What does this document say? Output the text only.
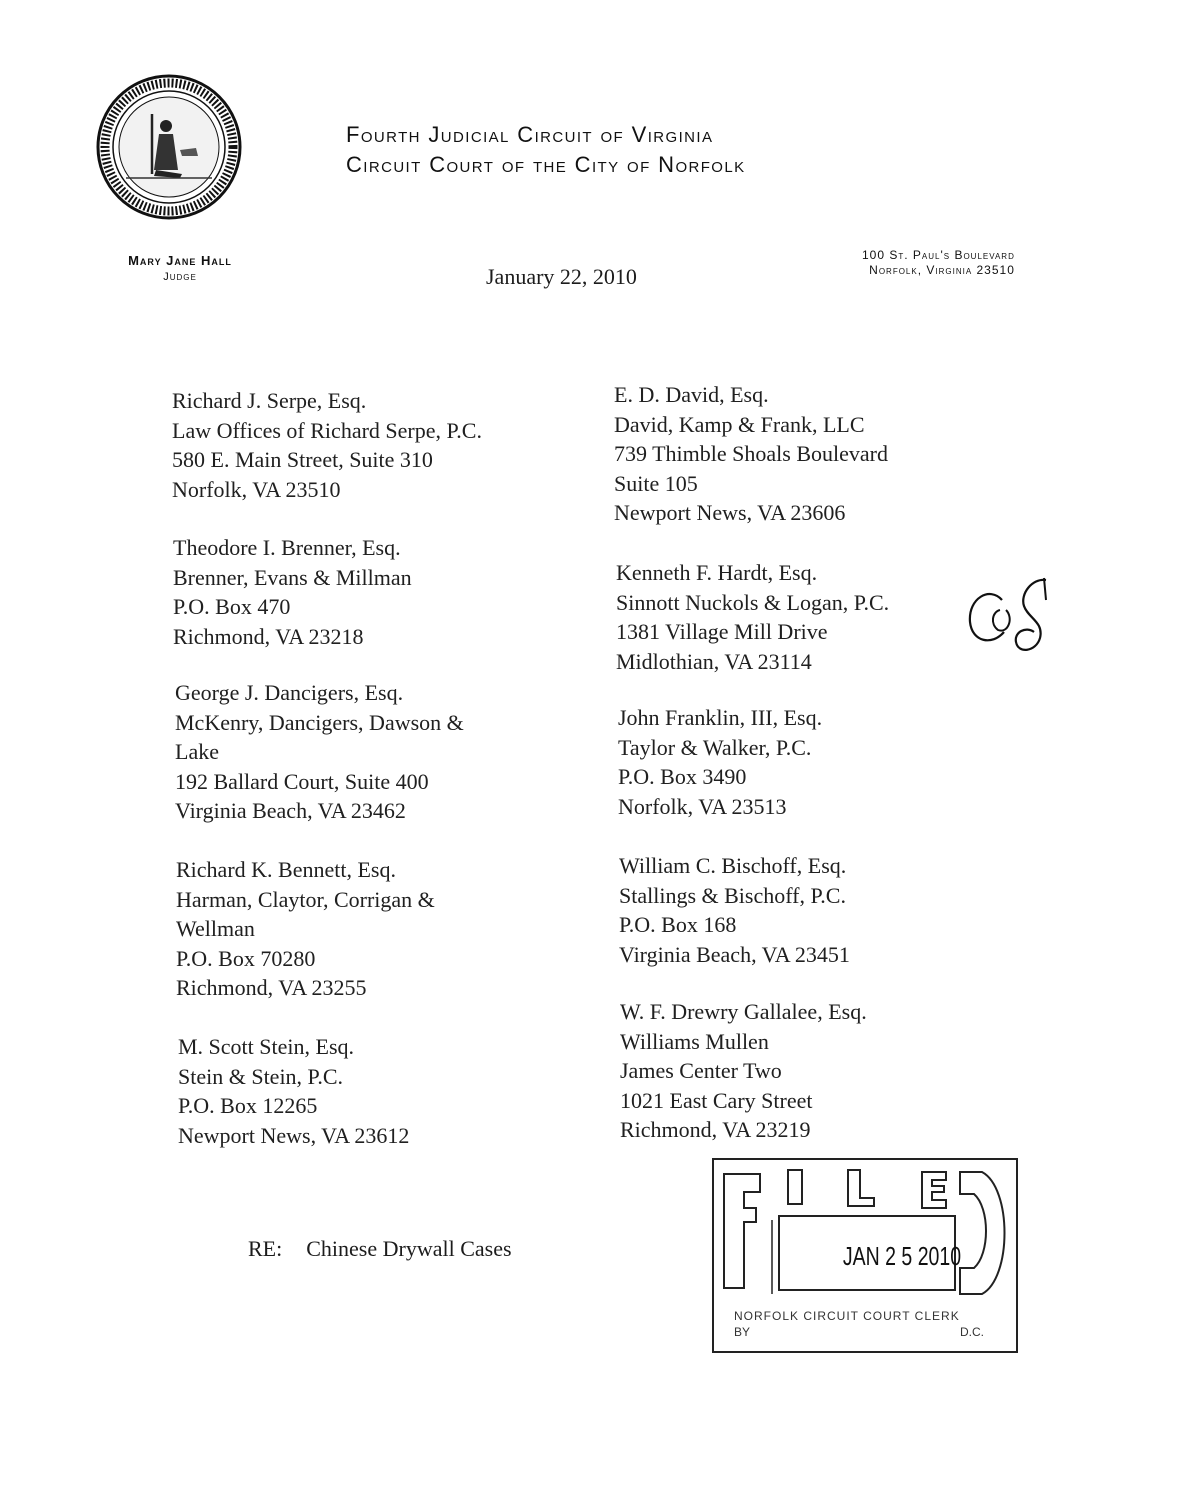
Fourth Judicial Circuit of Virginia
Circuit Court of the City of Norfolk
Mary Jane Hall
Judge	January 22, 2010
100 St. Paul's Boulevard
Norfolk, Virginia 23510
Richard J. Serpe, Esq.
Law Offices of Richard Serpe, P.C.
580 E. Main Street, Suite 310
Norfolk, VA 23510
Theodore I. Brenner, Esq.
Brenner, Evans & Millman
P.O. Box 470
Richmond, VA 23218
George J. Dancigers, Esq.
McKenry, Dancigers, Dawson &
Lake
192 Ballard Court, Suite 400
Virginia Beach, VA 23462
Richard K. Bennett, Esq.
Harman, Claytor, Corrigan &
Wellman
P.O. Box 70280
Richmond, VA 23255
M. Scott Stein, Esq.
Stein & Stein, P.C.
P.O. Box 12265
Newport News, VA 23612
E. D. David, Esq.
David, Kamp & Frank, LLC
739 Thimble Shoals Boulevard
Suite 105
Newport News, VA 23606
Kenneth F. Hardt, Esq.
Sinnott Nuckols & Logan, P.C.
1381 Village Mill Drive
Midlothian, VA 23114
John Franklin, III, Esq.
Taylor & Walker, P.C.
P.O. Box 3490
Norfolk, VA 23513
William C. Bischoff, Esq.
Stallings & Bischoff, P.C.
P.O. Box 168
Virginia Beach, VA 23451
W. F. Drewry Gallalee, Esq.
Williams Mullen
James Center Two
1021 East Cary Street
Richmond, VA 23219
RE: Chinese Drywall Cases	JAN 2 5 2010
NORFOLK CIRCUIT COURT CLERK
BY	D.C.
